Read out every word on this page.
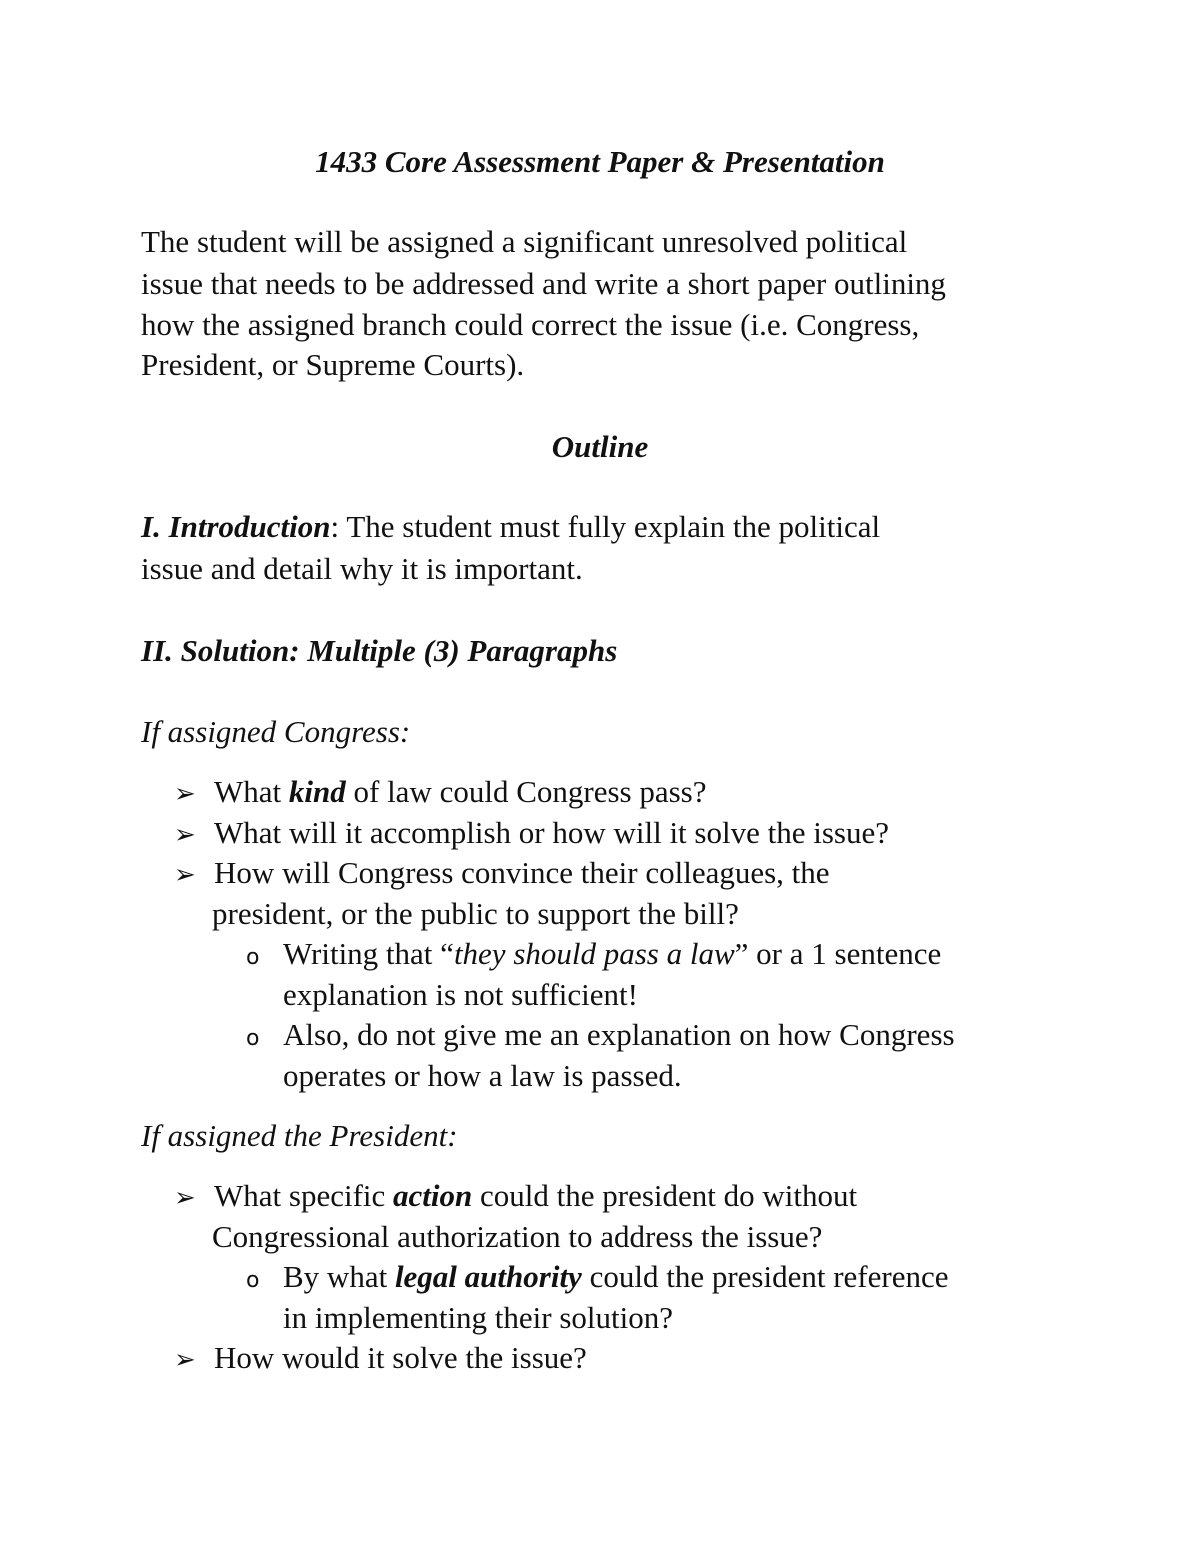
1433 Core Assessment Paper & Presentation
The student will be assigned a significant unresolved political
issue that needs to be addressed and write a short paper outlining
how the assigned branch could correct the issue (i.e. Congress,
President, or Supreme Courts).
Outline
I. Introduction: The student must fully explain the political
issue and detail why it is important.
II. Solution: Multiple (3) Paragraphs
If assigned Congress:
➢ What kind of law could Congress pass?
➢ What will it accomplish or how will it solve the issue?
➢ How will Congress convince their colleagues, the
president, or the public to support the bill?
o Writing that “they should pass a law” or a 1 sentence
explanation is not sufficient!
o Also, do not give me an explanation on how Congress
operates or how a law is passed.
If assigned the President:
➢ What specific action could the president do without
Congressional authorization to address the issue?
o By what legal authority could the president reference
in implementing their solution?
➢ How would it solve the issue?
